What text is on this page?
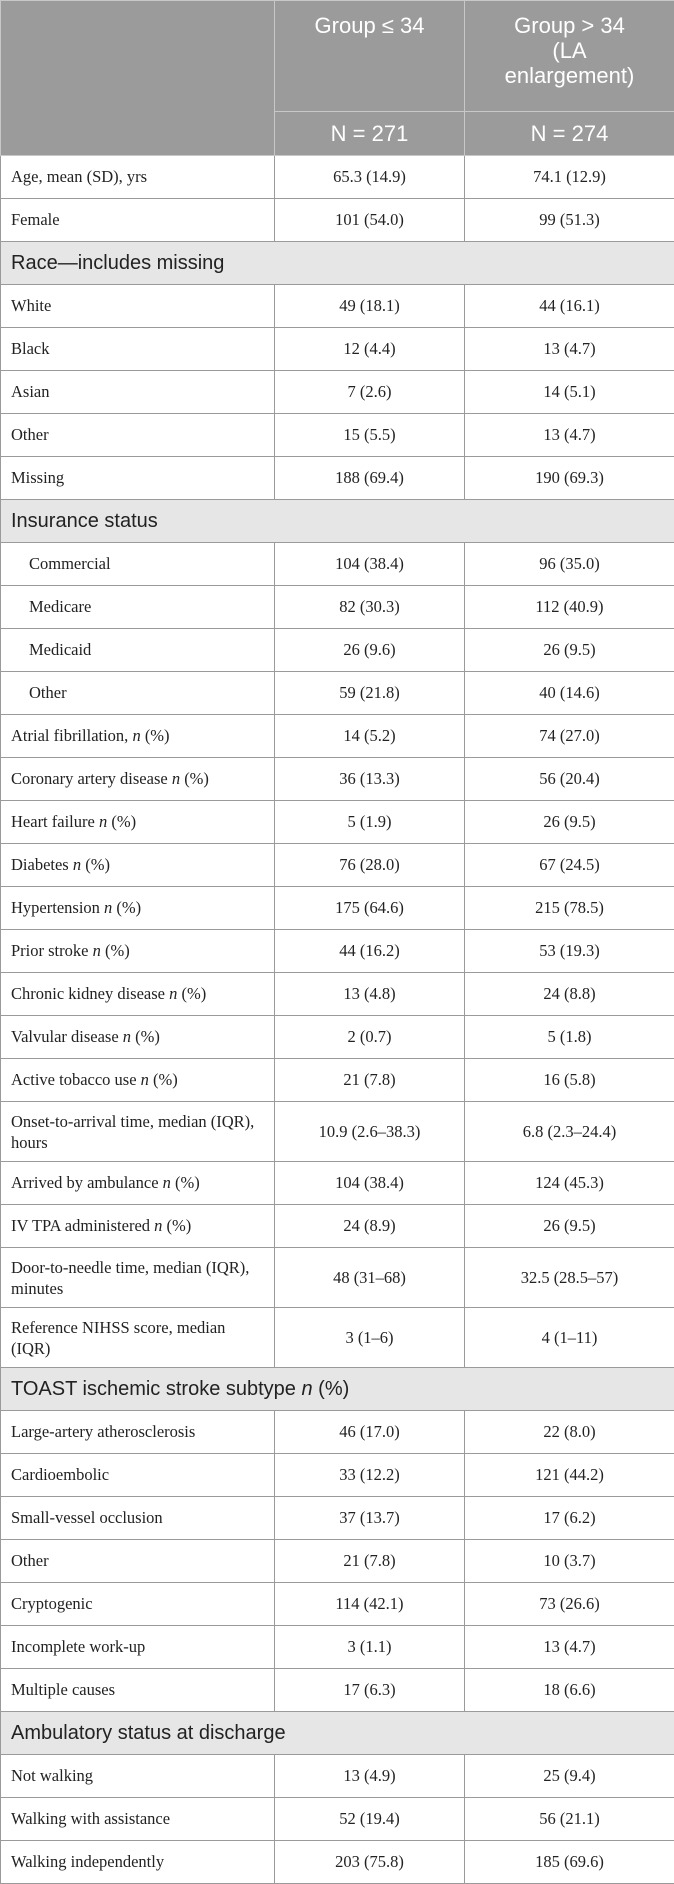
	Group ≤ 34	Group > 34
(LA
enlargement)
	N = 271	N = 274
Age, mean (SD), yrs	65.3 (14.9)	74.1 (12.9)
Female	101 (54.0)	99 (51.3)
Race—includes missing		
White	49 (18.1)	44 (16.1)
Black	12 (4.4)	13 (4.7)
Asian	7 (2.6)	14 (5.1)
Other	15 (5.5)	13 (4.7)
Missing	188 (69.4)	190 (69.3)
Insurance status		
Commercial	104 (38.4)	96 (35.0)
Medicare	82 (30.3)	112 (40.9)
Medicaid	26 (9.6)	26 (9.5)
Other	59 (21.8)	40 (14.6)
Atrial fibrillation, n (%)	14 (5.2)	74 (27.0)
Coronary artery disease n (%)	36 (13.3)	56 (20.4)
Heart failure n (%)	5 (1.9)	26 (9.5)
Diabetes n (%)	76 (28.0)	67 (24.5)
Hypertension n (%)	175 (64.6)	215 (78.5)
Prior stroke n (%)	44 (16.2)	53 (19.3)
Chronic kidney disease n (%)	13 (4.8)	24 (8.8)
Valvular disease n (%)	2 (0.7)	5 (1.8)
Active tobacco use n (%)	21 (7.8)	16 (5.8)
Onset-to-arrival time, median (IQR), hours	10.9 (2.6–38.3)	6.8 (2.3–24.4)
Arrived by ambulance n (%)	104 (38.4)	124 (45.3)
IV TPA administered n (%)	24 (8.9)	26 (9.5)
Door-to-needle time, median (IQR), minutes	48 (31–68)	32.5 (28.5–57)
Reference NIHSS score, median (IQR)	3 (1–6)	4 (1–11)
TOAST ischemic stroke subtype n (%)		
Large-artery atherosclerosis	46 (17.0)	22 (8.0)
Cardioembolic	33 (12.2)	121 (44.2)
Small-vessel occlusion	37 (13.7)	17 (6.2)
Other	21 (7.8)	10 (3.7)
Cryptogenic	114 (42.1)	73 (26.6)
Incomplete work-up	3 (1.1)	13 (4.7)
Multiple causes	17 (6.3)	18 (6.6)
Ambulatory status at discharge		
Not walking	13 (4.9)	25 (9.4)
Walking with assistance	52 (19.4)	56 (21.1)
Walking independently	203 (75.8)	185 (69.6)
